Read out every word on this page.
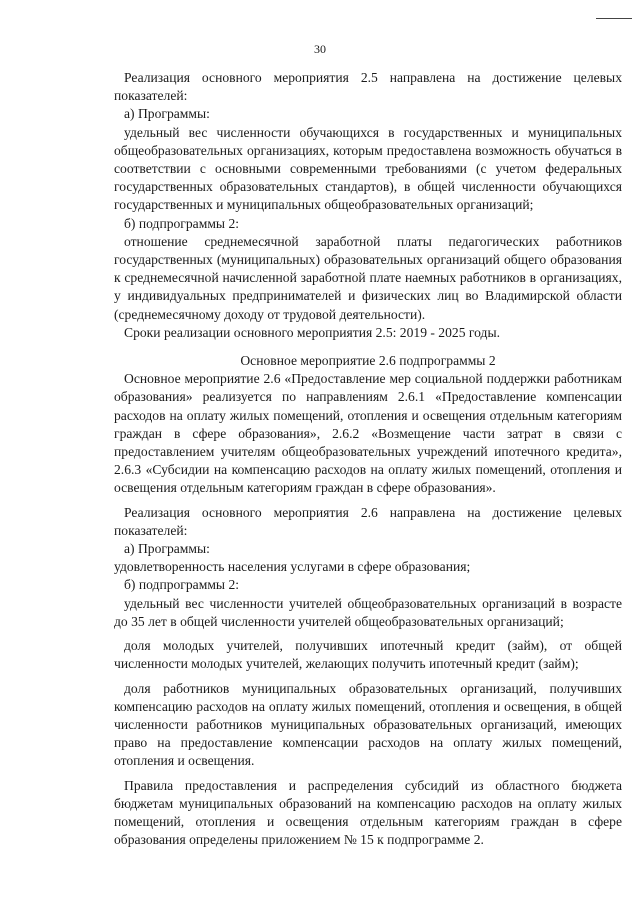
30

Реализация основного мероприятия 2.5 направлена на достижение целевых показателей:

а) Программы:

удельный вес численности обучающихся в государственных и муниципальных общеобразовательных организациях, которым предоставлена возможность обучаться в соответствии с основными современными требованиями (с учетом федеральных государственных образовательных стандартов), в общей численности обучающихся государственных и муниципальных общеобразовательных организаций;

б) подпрограммы 2:

отношение среднемесячной заработной платы педагогических работников государственных (муниципальных) образовательных организаций общего образования к среднемесячной начисленной заработной плате наемных работников в организациях, у индивидуальных предпринимателей и физических лиц во Владимирской области (среднемесячному доходу от трудовой деятельности).

Сроки реализации основного мероприятия 2.5: 2019 - 2025 годы.

Основное мероприятие 2.6 подпрограммы 2

Основное мероприятие 2.6 «Предоставление мер социальной поддержки работникам образования» реализуется по направлениям 2.6.1 «Предоставление компенсации расходов на оплату жилых помещений, отопления и освещения отдельным категориям граждан в сфере образования», 2.6.2 «Возмещение части затрат в связи с предоставлением учителям общеобразовательных учреждений ипотечного кредита», 2.6.3 «Субсидии на компенсацию расходов на оплату жилых помещений, отопления и освещения отдельным категориям граждан в сфере образования».

Реализация основного мероприятия 2.6 направлена на достижение целевых показателей:

а) Программы:

удовлетворенность населения услугами в сфере образования;

б) подпрограммы 2:

удельный вес численности учителей общеобразовательных организаций в возрасте до 35 лет в общей численности учителей общеобразовательных организаций;

доля молодых учителей, получивших ипотечный кредит (займ), от общей численности молодых учителей, желающих получить ипотечный кредит (займ);

доля работников муниципальных образовательных организаций, получивших компенсацию расходов на оплату жилых помещений, отопления и освещения, в общей численности работников муниципальных образовательных организаций, имеющих право на предоставление компенсации расходов на оплату жилых помещений, отопления и освещения.

Правила предоставления и распределения субсидий из областного бюджета бюджетам муниципальных образований на компенсацию расходов на оплату жилых помещений, отопления и освещения отдельным категориям граждан в сфере образования определены приложением № 15 к подпрограмме 2.
